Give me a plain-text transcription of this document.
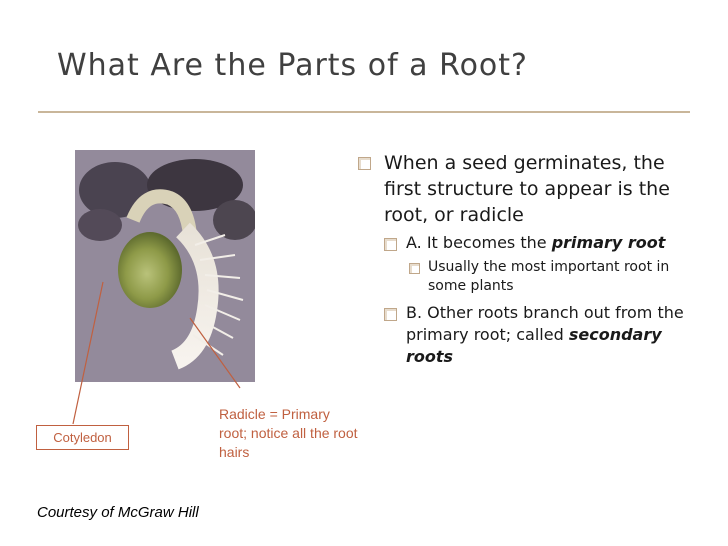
What Are the Parts of a Root?
Cotyledon
Radicle = Primary root; notice all the root hairs
When a seed germinates, the first structure to appear is the root, or radicle
A. It becomes the primary root
Usually the most important root in some plants
B. Other roots branch out from the primary root; called secondary roots
Courtesy of McGraw Hill
